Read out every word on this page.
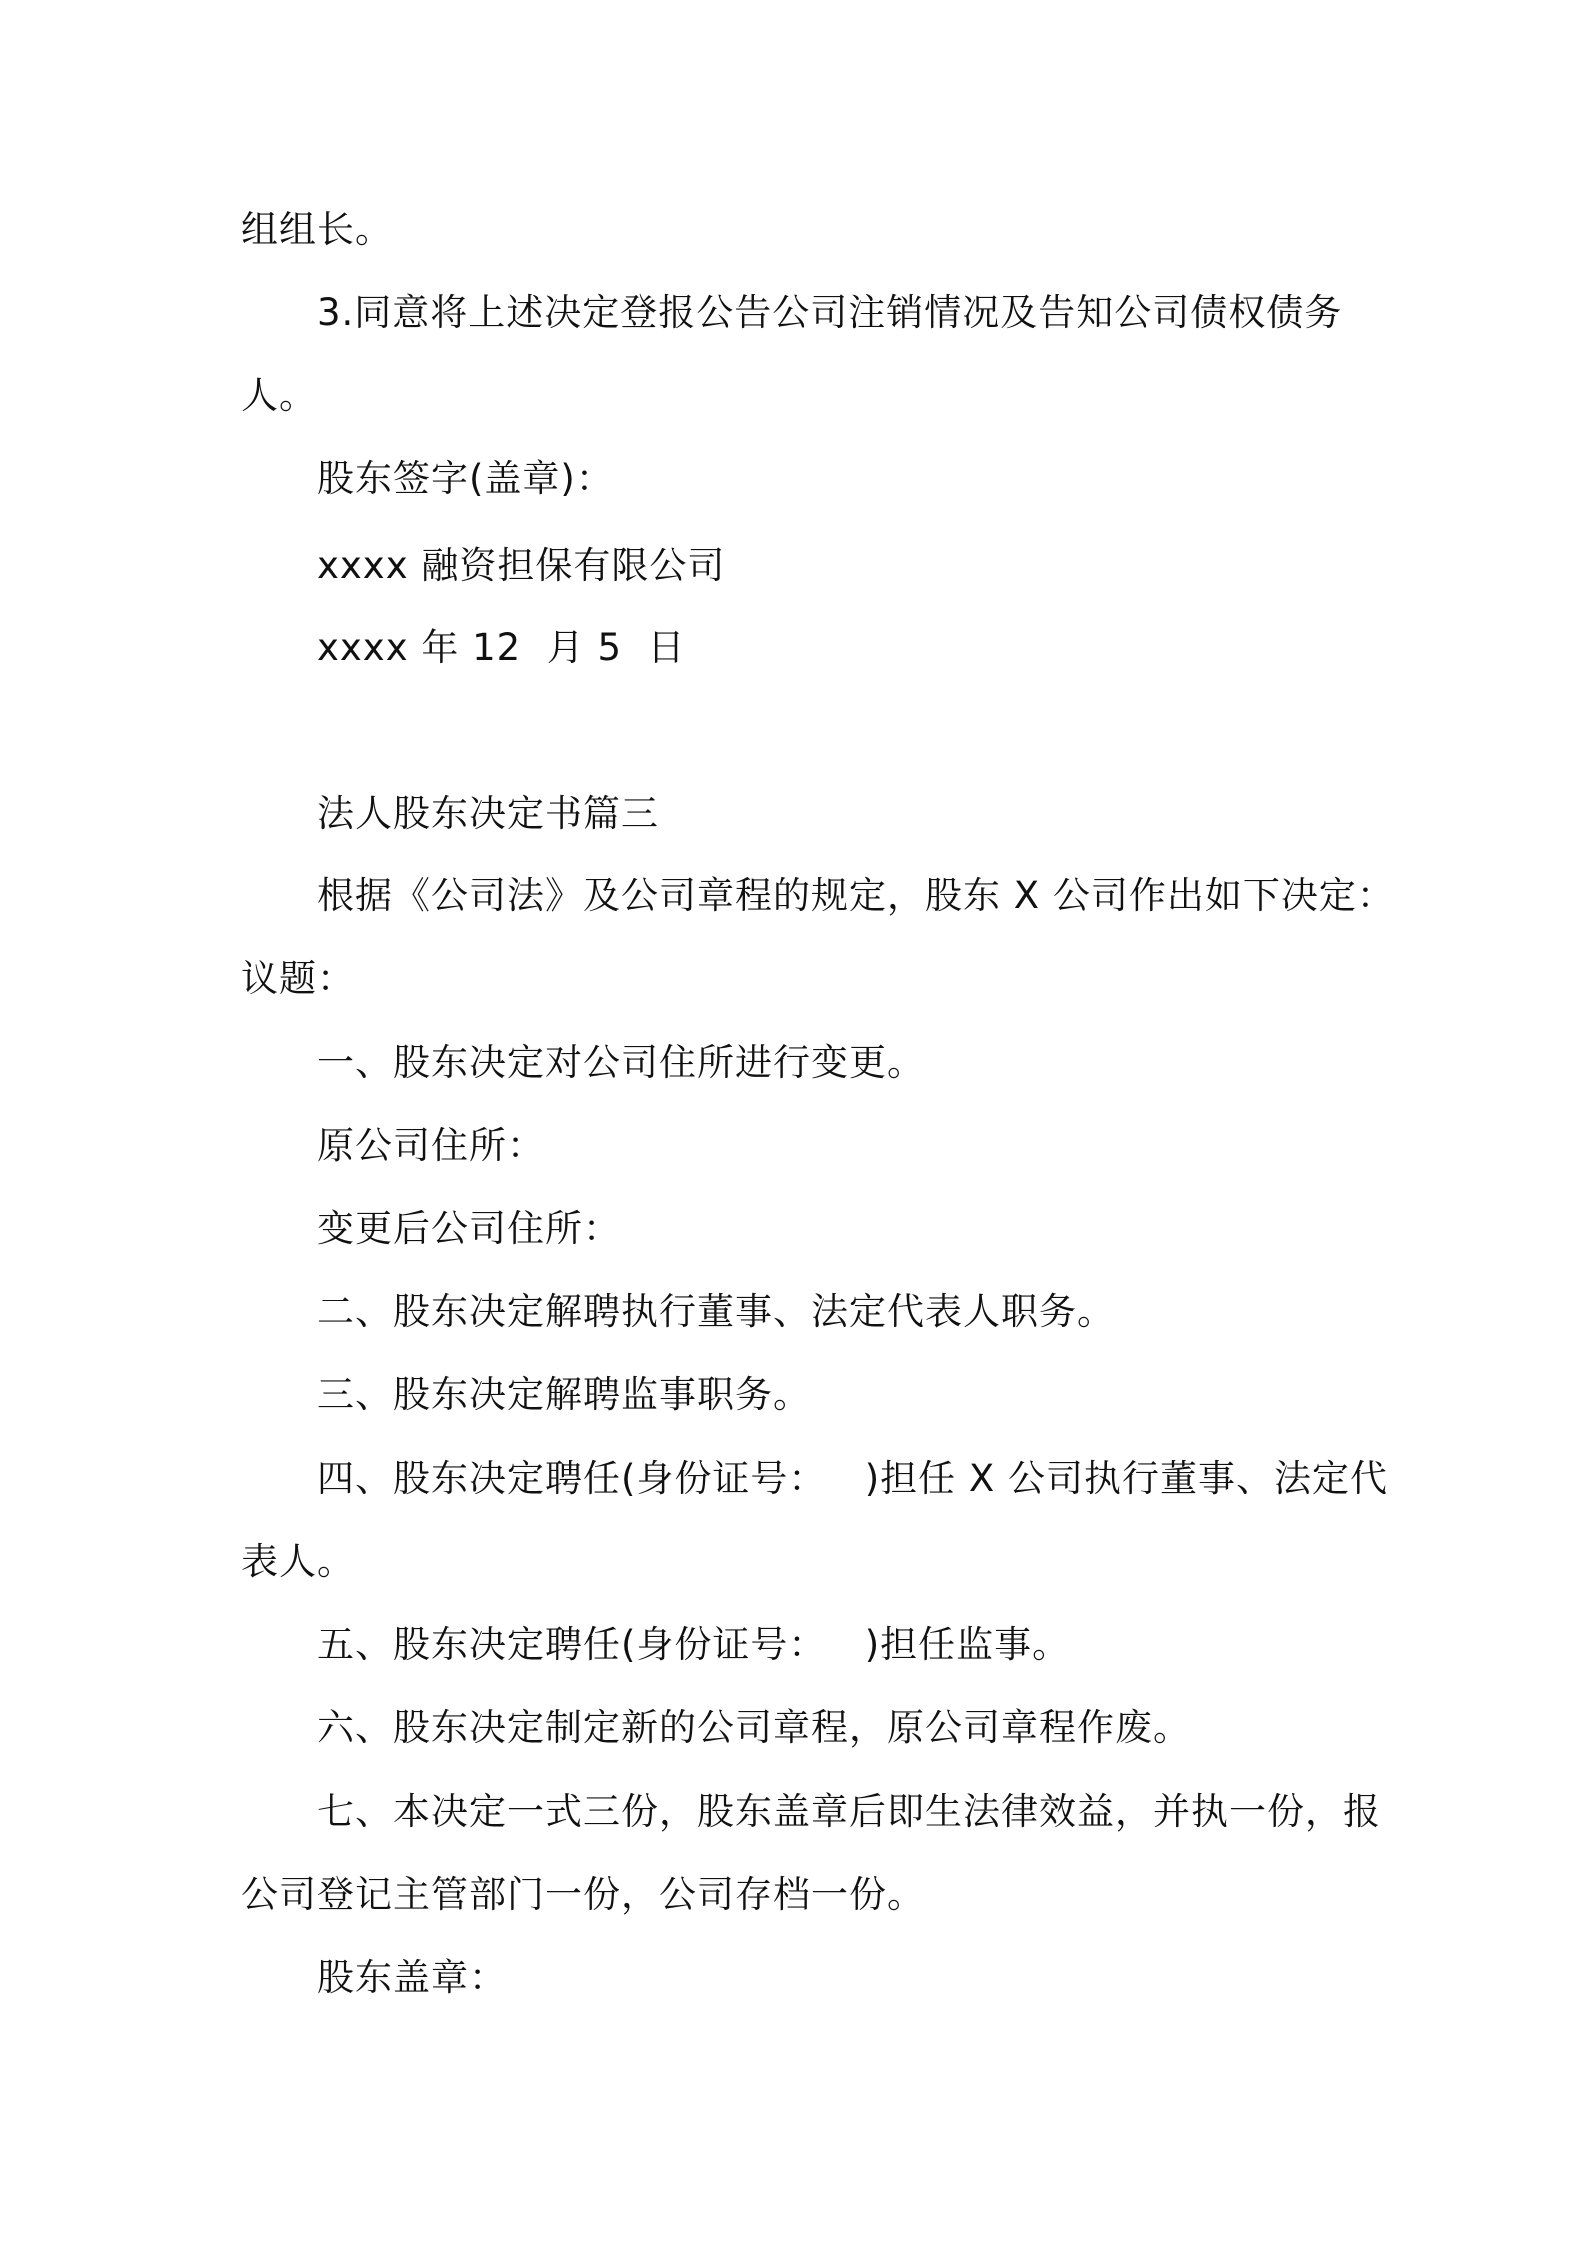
组组长。

3.同意将上述决定登报公告公司注销情况及告知公司债权债务

人。

股东签字(盖章)：

xxxx 融资担保有限公司

xxxx 年 12  月 5  日

法人股东决定书篇三

根据《公司法》及公司章程的规定，股东 X 公司作出如下决定：

议题：

一、股东决定对公司住所进行变更。

原公司住所：

变更后公司住所：

二、股东决定解聘执行董事、法定代表人职务。

三、股东决定解聘监事职务。

四、股东决定聘任(身份证号：   )担任 X 公司执行董事、法定代

表人。

五、股东决定聘任(身份证号：   )担任监事。

六、股东决定制定新的公司章程，原公司章程作废。

七、本决定一式三份，股东盖章后即生法律效益，并执一份，报

公司登记主管部门一份，公司存档一份。

股东盖章：
